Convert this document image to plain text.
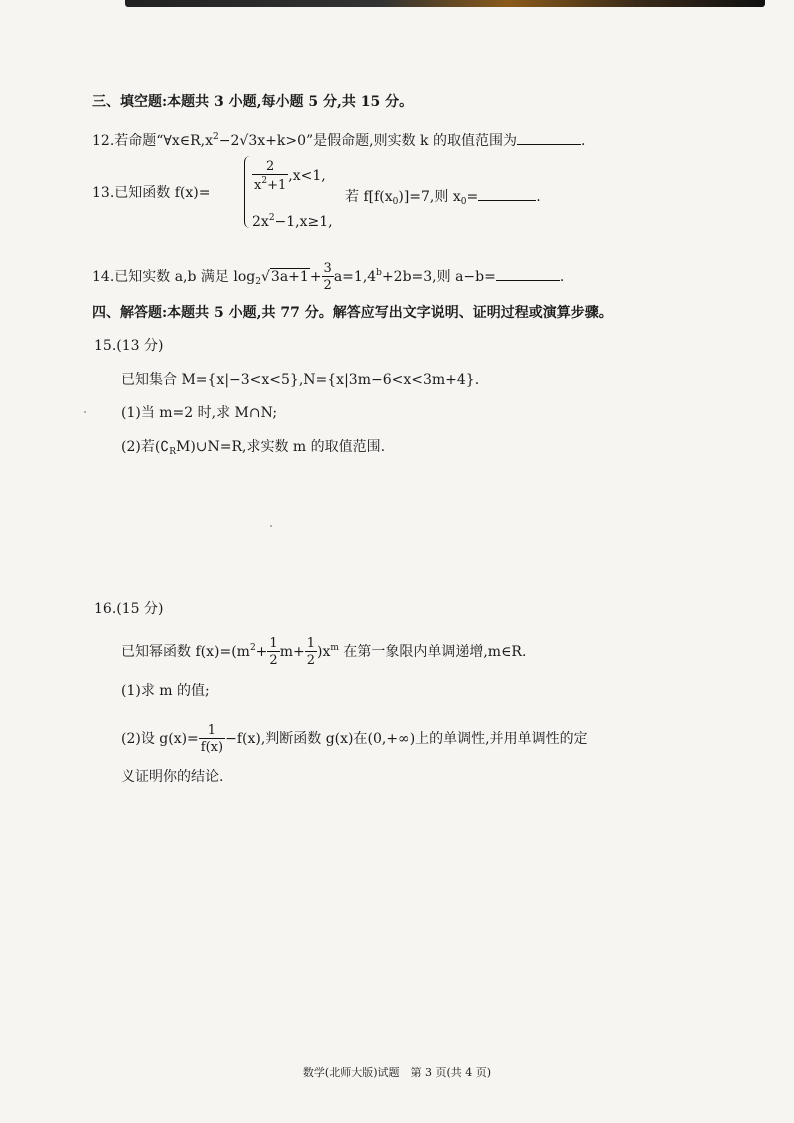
三、填空题:本题共 3 小题,每小题 5 分,共 15 分。
12.若命题“$\forall x\in R,x^2-2√3x+k>0$”是假命题,则实数 k 的取值范围为	.
13.已知函数 f(x)=
$\frac{2}{x^2+1} ,x<1$,
$2x^2-1,x\ge 1$,
若 $f[f(x_0)]=7$,则 $x_0=$	.
14.已知实数 a,b 满足 $\log_2√3a+1+ \frac{3}{2} a=1,4^b+2b=3$,则 a−b=	.
四、解答题:本题共 5 小题,共 77 分。解答应写出文字说明、证明过程或演算步骤。
15.(13 分)
已知集合 M={x|−3<x<5},N={x|3m−6<x<3m+4}.
(1)当 m=2 时,求 M∩N;
(2)若$(∁_RM)\cup N=R$,求实数 m 的取值范围.
16.(15 分)
已知幂函数 $f(x)=(m^2+ \frac{1}{2} m+ \frac{1}{2} )x^m$ 在第一象限内单调递增,m∈R.
(1)求 m 的值;
(2)设 $g(x)= \frac{1}{f(x)} -f(x)$,判断函数 g(x)在(0,+∞)上的单调性,并用单调性的定
义证明你的结论.
数学(北师大版)试题　第 3 页(共 4 页)
